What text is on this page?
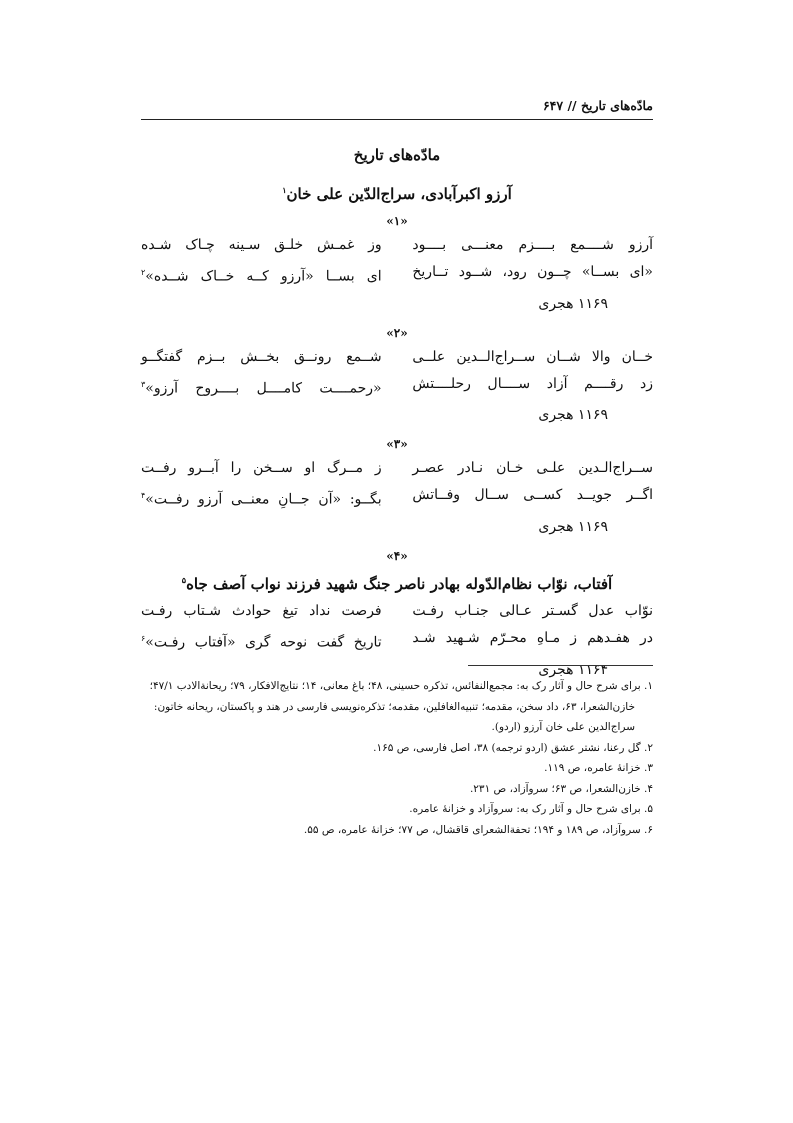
مادّه‌های تاریخ // ۶۴۷
مادّه‌های تاریخ
آرزو اکبرآبادی، سراج‌الدّین علی خان$^۱$
«۱»
آرزو شــــمع بــــزم معنـــی بــــود
وز غمـش خلـق سـینه چـاک شـده
«ای بســا» چــون رود، شــود تــاریخ
ای بســا «آرزو کــه خــاک شــده»$^۲$
۱۱۶۹ هجری
«۲»
خــان والا شــان ســراج‌الــدین علــی
شــمع رونــق بخــش بــزم گفتگــو
زد رقــــم آزاد ســــال رحلــــتش
«رحمــــت کامــــل بــــروح آرزو»$^۳$
۱۱۶۹ هجری
«۳»
ســراج‌الـدین علـی خـان نـادر عصـر
ز مــرگ او ســخن را آبــرو رفــت
اگــر جویــد کســی ســال وفــاتش
بگــو: «آن جــانِ معنــی آرزو رفــت»$^۴$
۱۱۶۹ هجری
«۴»
آفتاب، نوّاب نظام‌الدّوله بهادر ناصر جنگ شهید فرزند نواب آصف جاه$^۵$
نوّاب عدل گسـتر عـالی جنـاب رفـت
فرصت نداد تیغ حوادث شـتاب رفـت
در هفـدهم ز مـاهِ محـرّم شـهید شـد
تاریخ گفت نوحه گری «آفتاب رفـت»$^۶$
۱۱۶۴ هجری
۱. برای شرح حال و آثار رک به: مجمع‌النفائس، تذکره حسینی، ۴۸؛ باغ معانی، ۱۴؛ نتایج‌الافکار، ۷۹؛ ریحانةالادب ۴۷/۱؛ خازن‌الشعرا، ۶۳، داد سخن، مقدمه؛ تنبیه‌الغافلین، مقدمه؛ تذکره‌نویسی فارسی در هند و پاکستان، ریحانه خاتون: سراج‌الدین علی خان آرزو (اردو).
۲. گل رعنا، نشتر عشق (اردو ترجمه) ۳۸، اصل فارسی، ص ۱۶۵.
۳. خزانهٔ عامره، ص ۱۱۹.
۴. خازن‌الشعرا، ص ۶۳؛ سروآزاد، ص ۲۳۱.
۵. برای شرح حال و آثار رک به: سروآزاد و خزانهٔ عامره.
۶. سروآزاد، ص ۱۸۹ و ۱۹۴؛ تحفةالشعرای قاقشال، ص ۷۷؛ خزانهٔ عامره، ص ۵۵.
